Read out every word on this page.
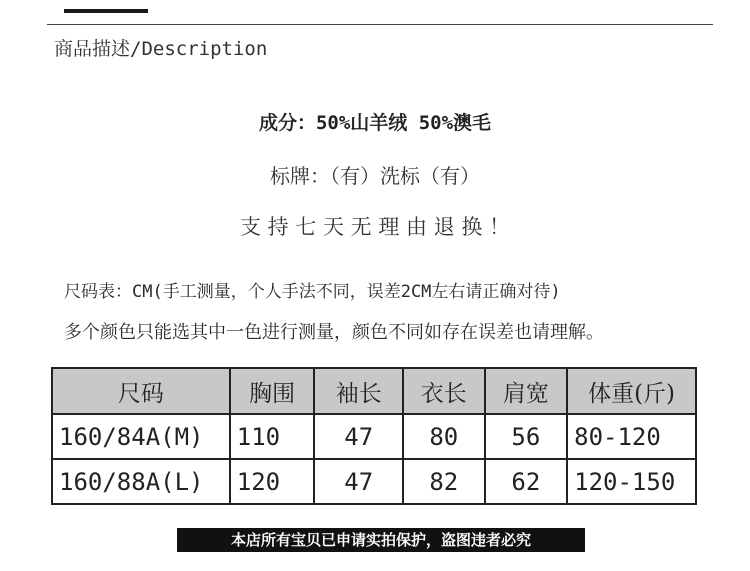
商品描述/Description
成分：50%山羊绒 50%澳毛
标牌：（有）洗标（有）
支 持 七 天 无 理 由 退 换 ！
尺码表：CM(手工测量，个人手法不同，误差2CM左右请正确对待)
多个颜色只能选其中一色进行测量，颜色不同如存在误差也请理解。
尺码	胸围	袖长	衣长	肩宽	体重(斤)
160/84A(M)	110	47	80	56	80-120
160/88A(L)	120	47	82	62	120-150
本店所有宝贝已申请实拍保护，盗图违者必究
